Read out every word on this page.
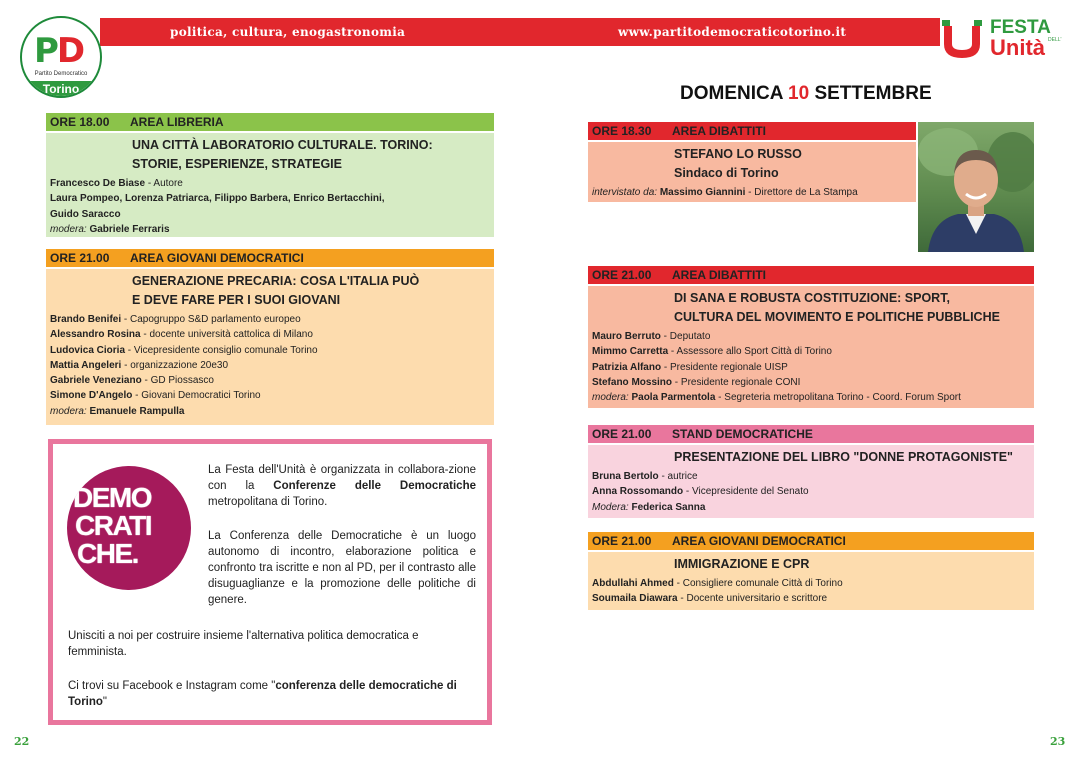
politica, cultura, enogastronomia	www.partitodemocraticotorino.it
PD
Partito Democratico
Torino
FESTA
DELL'
Unità
ORE 18.00 AREA LIBRERIA
UNA CITTÀ LABORATORIO CULTURALE. TORINO:
STORIE, ESPERIENZE, STRATEGIE
Francesco De Biase - Autore
Laura Pompeo, Lorenza Patriarca, Filippo Barbera, Enrico Bertacchini,
Guido Saracco
modera: Gabriele Ferraris
ORE 21.00 AREA GIOVANI DEMOCRATICI
GENERAZIONE PRECARIA: COSA L'ITALIA PUÒ
E DEVE FARE PER I SUOI GIOVANI
Brando Benifei - Capogruppo S&D parlamento europeo
Alessandro Rosina - docente università cattolica di Milano
Ludovica Cioria - Vicepresidente consiglio comunale Torino
Mattia Angeleri - organizzazione 20e30
Gabriele Veneziano - GD Piossasco
Simone D'Angelo - Giovani Democratici Torino
modera: Emanuele Rampulla
DEMO
CRATI
CHE.
La Festa dell'Unità è organizzata in collabora-zione con la Conferenze delle Democratiche metropolitana di Torino.
La Conferenza delle Democratiche è un luogo autonomo di incontro, elaborazione politica e confronto tra iscritte e non al PD, per il contrasto alle disuguaglianze e la promozione delle politiche di genere.
Unisciti a noi per costruire insieme l'alternativa politica democratica e femminista.
Ci trovi su Facebook e Instagram come "conferenza delle democratiche di Torino"
DOMENICA 10 SETTEMBRE
ORE 18.30 AREA DIBATTITI
STEFANO LO RUSSO
Sindaco di Torino
intervistato da: Massimo Giannini - Direttore de La Stampa
ORE 21.00 AREA DIBATTITI
DI SANA E ROBUSTA COSTITUZIONE: SPORT,
CULTURA DEL MOVIMENTO E POLITICHE PUBBLICHE
Mauro Berruto - Deputato
Mimmo Carretta - Assessore allo Sport Città di Torino
Patrizia Alfano - Presidente regionale UISP
Stefano Mossino - Presidente regionale CONI
modera: Paola Parmentola - Segreteria metropolitana Torino - Coord. Forum Sport
ORE 21.00 STAND DEMOCRATICHE
PRESENTAZIONE DEL LIBRO "DONNE PROTAGONISTE"
Bruna Bertolo - autrice
Anna Rossomando - Vicepresidente del Senato
Modera: Federica Sanna
ORE 21.00 AREA GIOVANI DEMOCRATICI
IMMIGRAZIONE E CPR
Abdullahi Ahmed - Consigliere comunale Città di Torino
Soumaila Diawara - Docente universitario e scrittore
22	23
